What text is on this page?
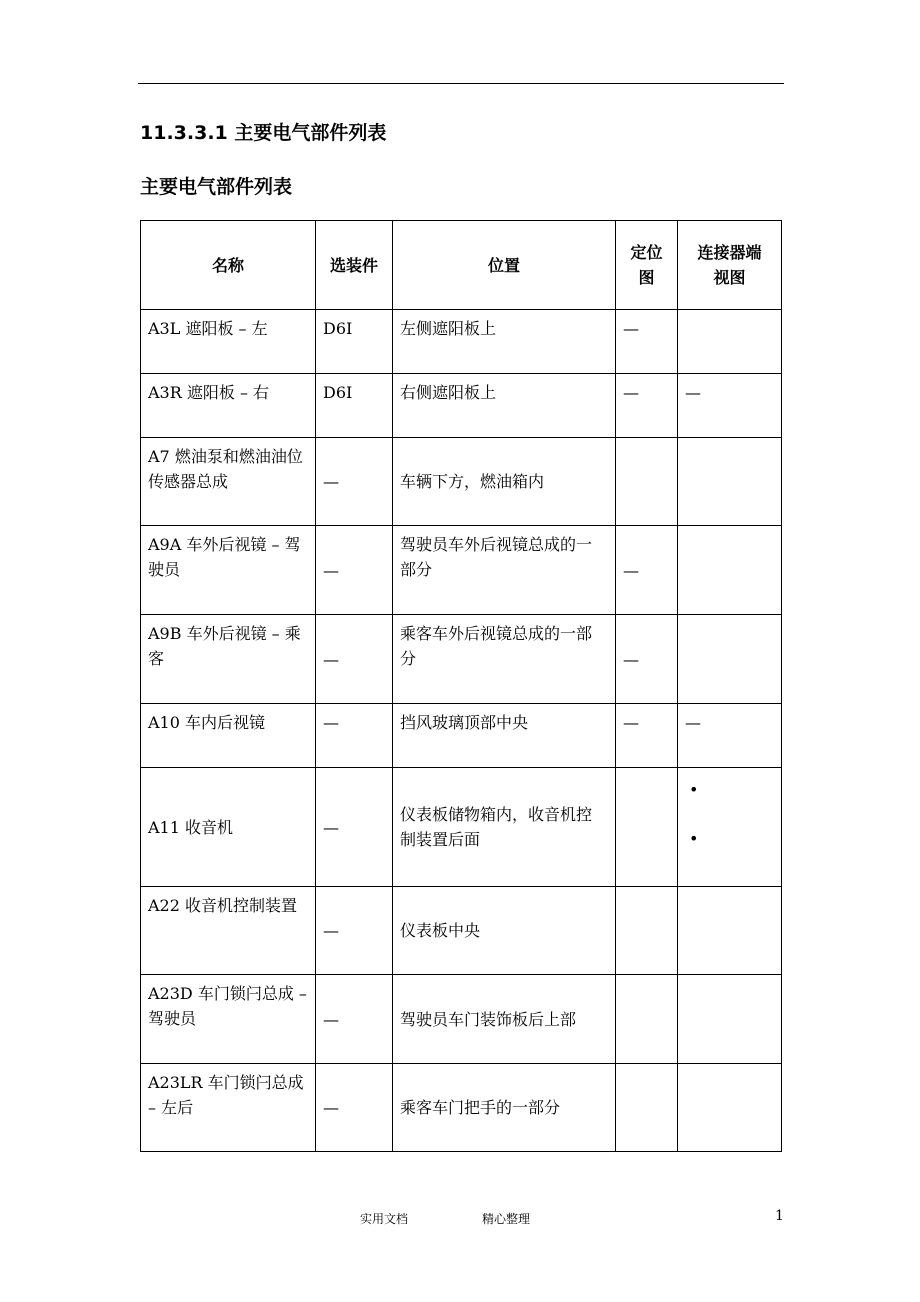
11.3.3.1 主要电气部件列表
主要电气部件列表
名称	选装件	位置	定位图	连接器端视图
A3L 遮阳板 – 左	D6I	左侧遮阳板上	—	
A3R 遮阳板 – 右	D6I	右侧遮阳板上	—	—
A7 燃油泵和燃油油位传感器总成	—	车辆下方，燃油箱内		
A9A 车外后视镜 – 驾驶员	—	驾驶员车外后视镜总成的一部分	—	
A9B 车外后视镜 – 乘客	—	乘客车外后视镜总成的一部分	—	
A10 车内后视镜	—	挡风玻璃顶部中央	—	—
A11 收音机	—	仪表板储物箱内，收音机控制装置后面		•
•

A22 收音机控制装置	—	仪表板中央		
A23D 车门锁闩总成 – 驾驶员	—	驾驶员车门装饰板后上部		
A23LR 车门锁闩总成 – 左后	—	乘客车门把手的一部分		
实用文档	精心整理	1
